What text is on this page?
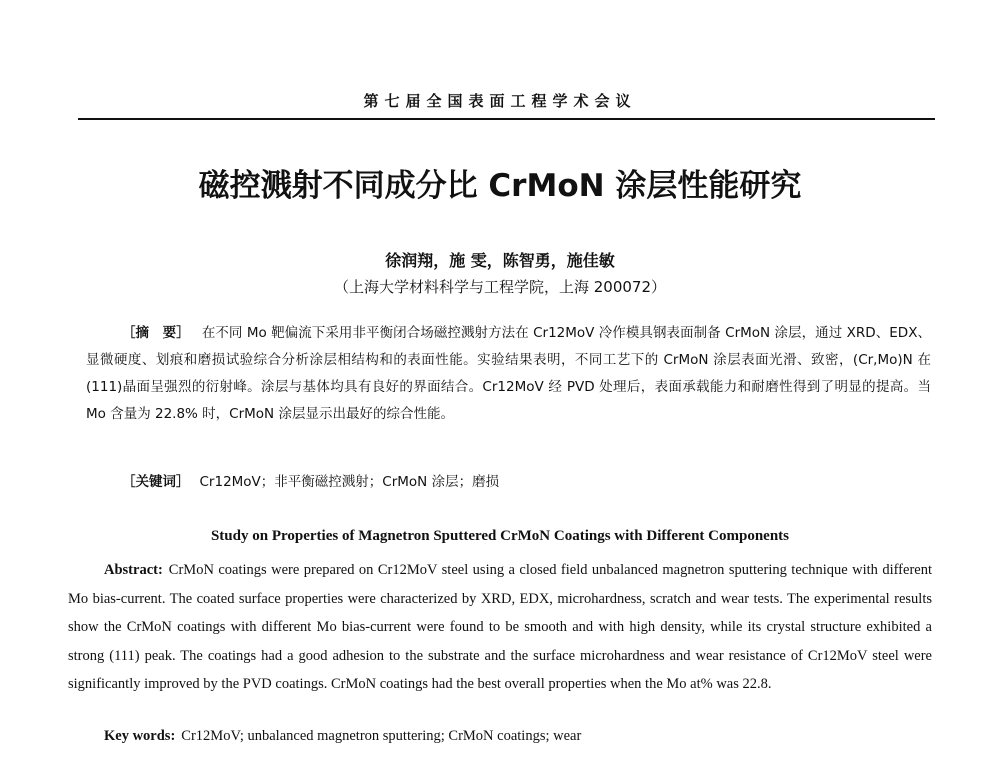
第七届全国表面工程学术会议
磁控溅射不同成分比 CrMoN 涂层性能研究
徐润翔，施 雯，陈智勇，施佳敏
（上海大学材料科学与工程学院，上海 200072）
［摘　要］ 在不同 Mo 靶偏流下采用非平衡闭合场磁控溅射方法在 Cr12MoV 冷作模具钢表面制备 CrMoN 涂层，通过 XRD、EDX、显微硬度、划痕和磨损试验综合分析涂层相结构和的表面性能。实验结果表明，不同工艺下的 CrMoN 涂层表面光滑、致密，(Cr,Mo)N 在(111)晶面呈强烈的衍射峰。涂层与基体均具有良好的界面结合。Cr12MoV 经 PVD 处理后，表面承载能力和耐磨性得到了明显的提高。当 Mo 含量为 22.8% 时，CrMoN 涂层显示出最好的综合性能。
［关键词］ Cr12MoV；非平衡磁控溅射；CrMoN 涂层；磨损
Study on Properties of Magnetron Sputtered CrMoN Coatings with Different Components
Abstract: CrMoN coatings were prepared on Cr12MoV steel using a closed field unbalanced magnetron sputtering technique with different Mo bias-current. The coated surface properties were characterized by XRD, EDX, microhardness, scratch and wear tests. The experimental results show the CrMoN coatings with different Mo bias-current were found to be smooth and with high density, while its crystal structure exhibited a strong (111) peak. The coatings had a good adhesion to the substrate and the surface microhardness and wear resistance of Cr12MoV steel were significantly improved by the PVD coatings. CrMoN coatings had the best overall properties when the Mo at% was 22.8.
Key words: Cr12MoV; unbalanced magnetron sputtering; CrMoN coatings; wear
